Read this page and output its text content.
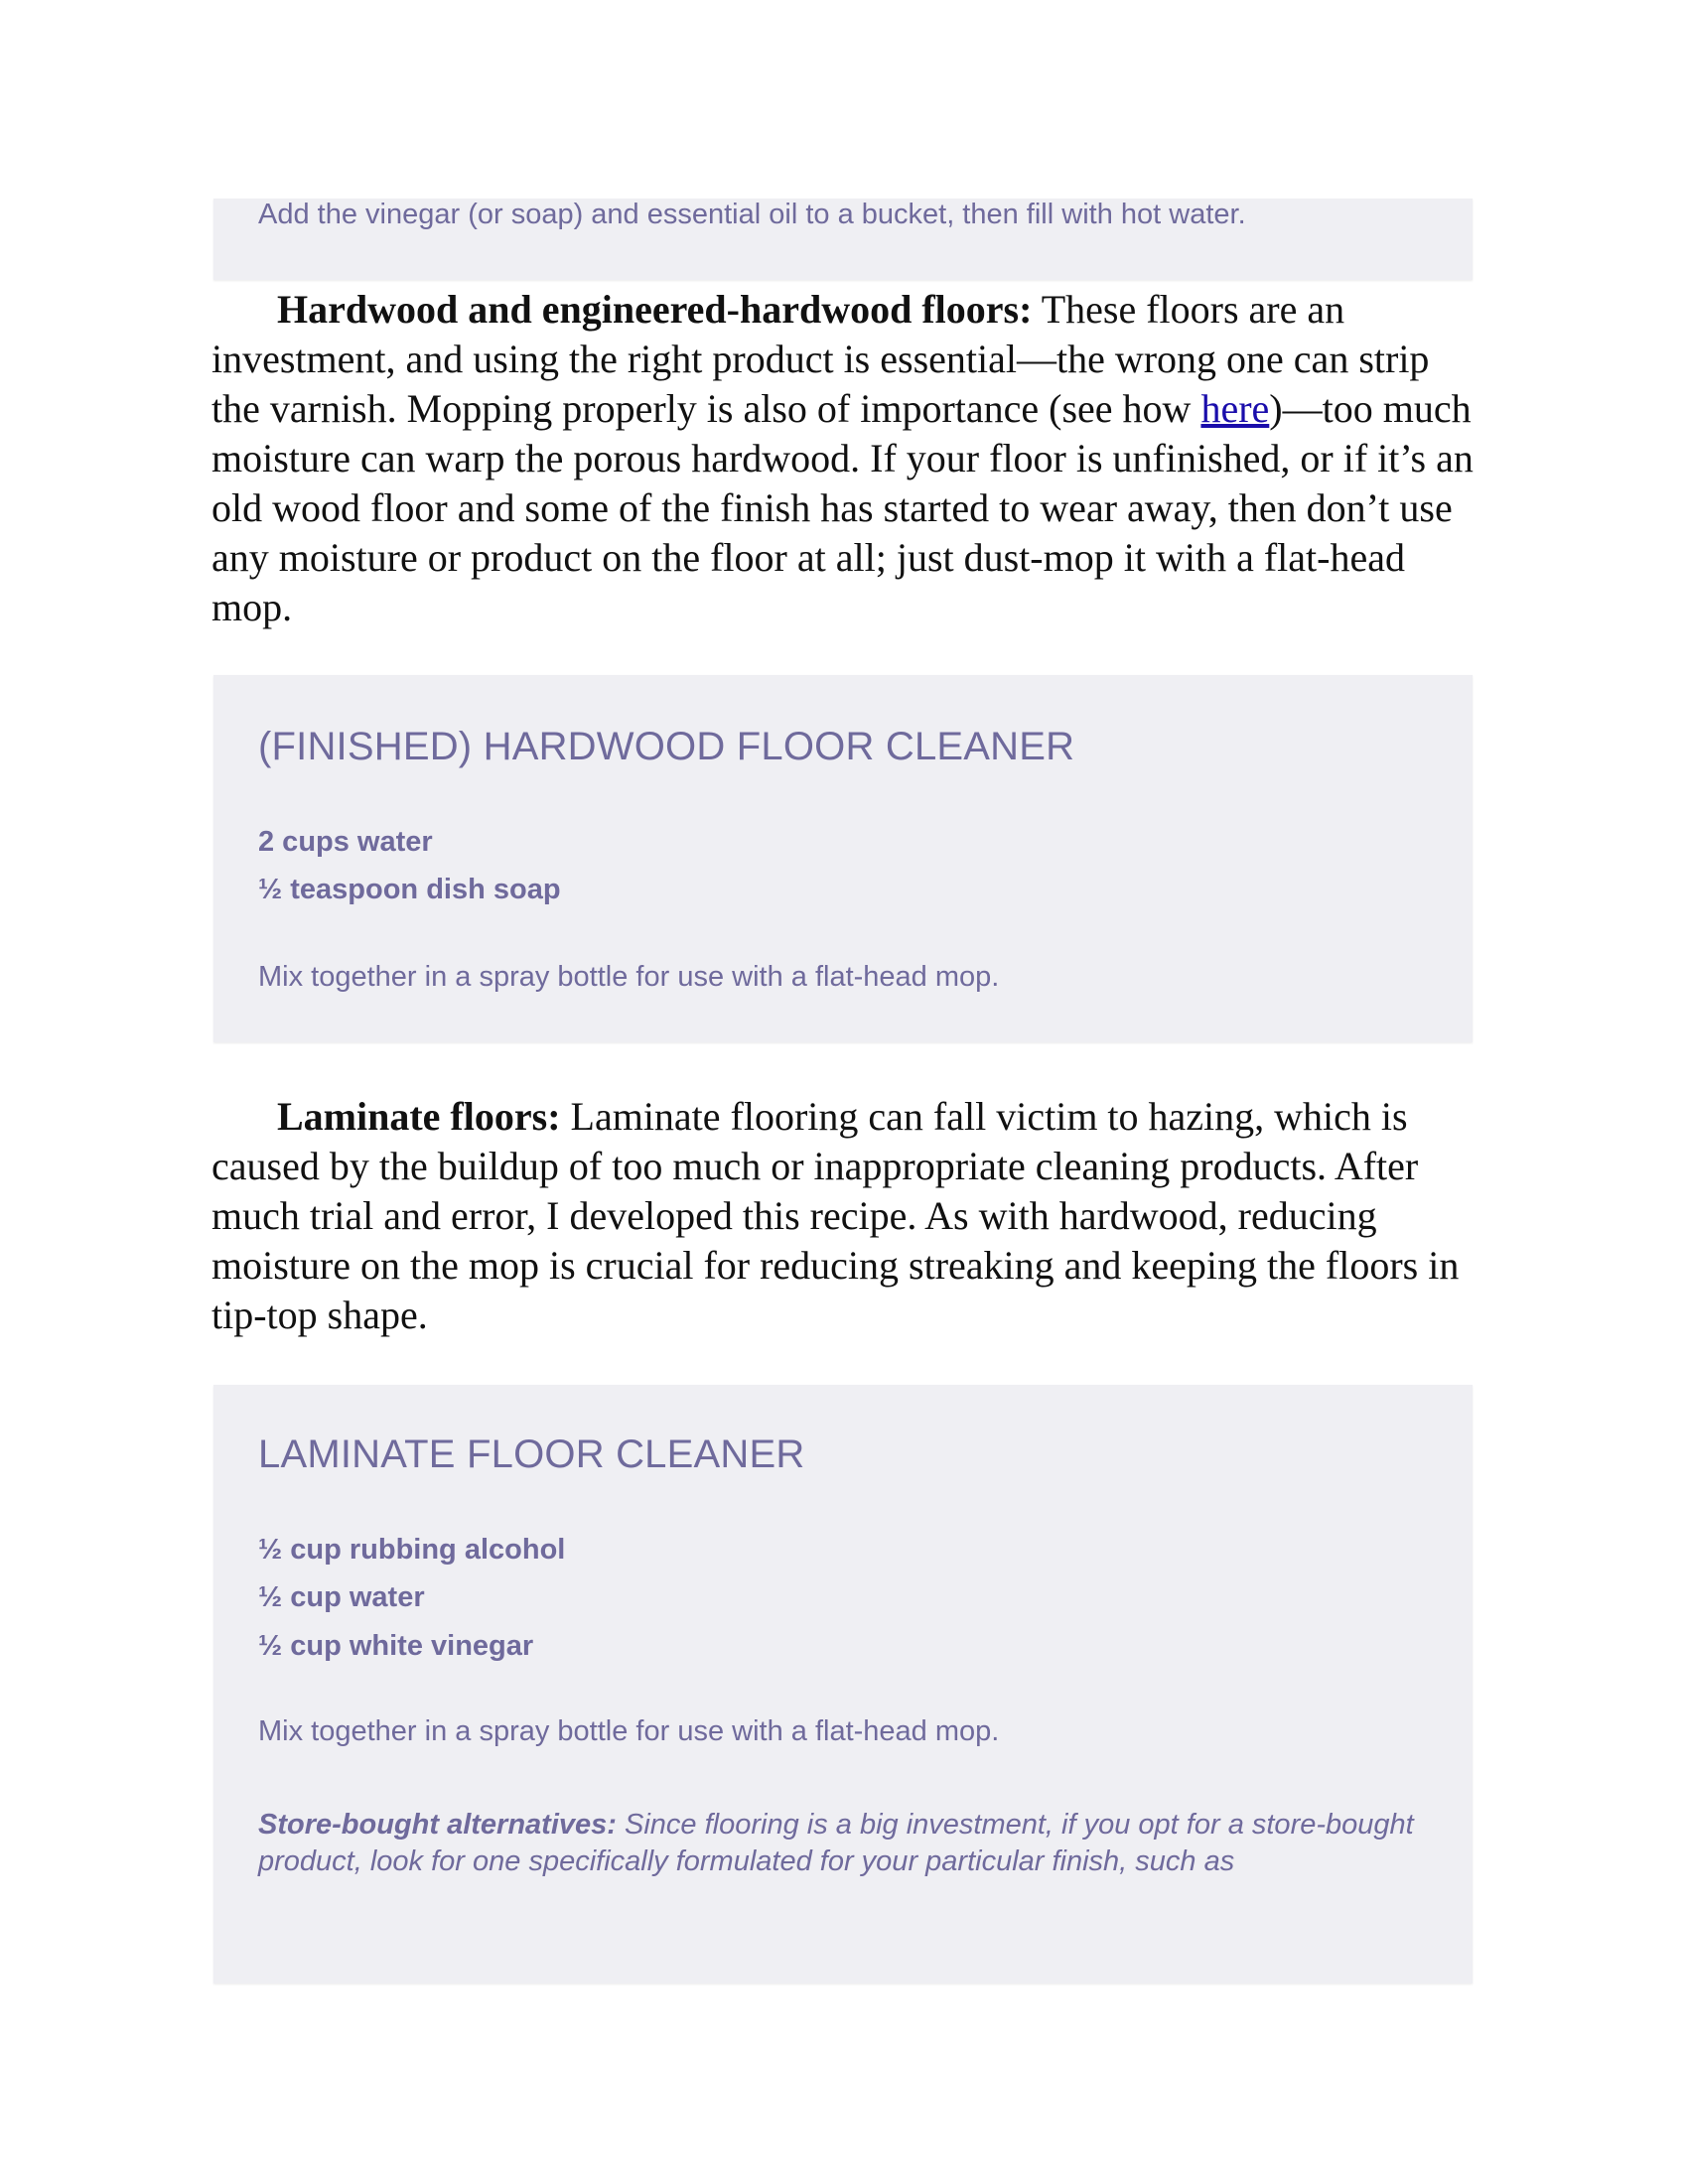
Add the vinegar (or soap) and essential oil to a bucket, then fill with hot water.

Hardwood and engineered-hardwood floors: These floors are an investment, and using the right product is essential—the wrong one can strip the varnish. Mopping properly is also of importance (see how here)—too much moisture can warp the porous hardwood. If your floor is unfinished, or if it’s an old wood floor and some of the finish has started to wear away, then don’t use any moisture or product on the floor at all; just dust-mop it with a flat-head mop.

(FINISHED) HARDWOOD FLOOR CLEANER

2 cups water

½ teaspoon dish soap

Mix together in a spray bottle for use with a flat-head mop.

Laminate floors: Laminate flooring can fall victim to hazing, which is caused by the buildup of too much or inappropriate cleaning products. After much trial and error, I developed this recipe. As with hardwood, reducing moisture on the mop is crucial for reducing streaking and keeping the floors in tip-top shape.

LAMINATE FLOOR CLEANER

½ cup rubbing alcohol

½ cup water

½ cup white vinegar

Mix together in a spray bottle for use with a flat-head mop.

Store-bought alternatives: Since flooring is a big investment, if you opt for a store-bought product, look for one specifically formulated for your particular finish, such as
